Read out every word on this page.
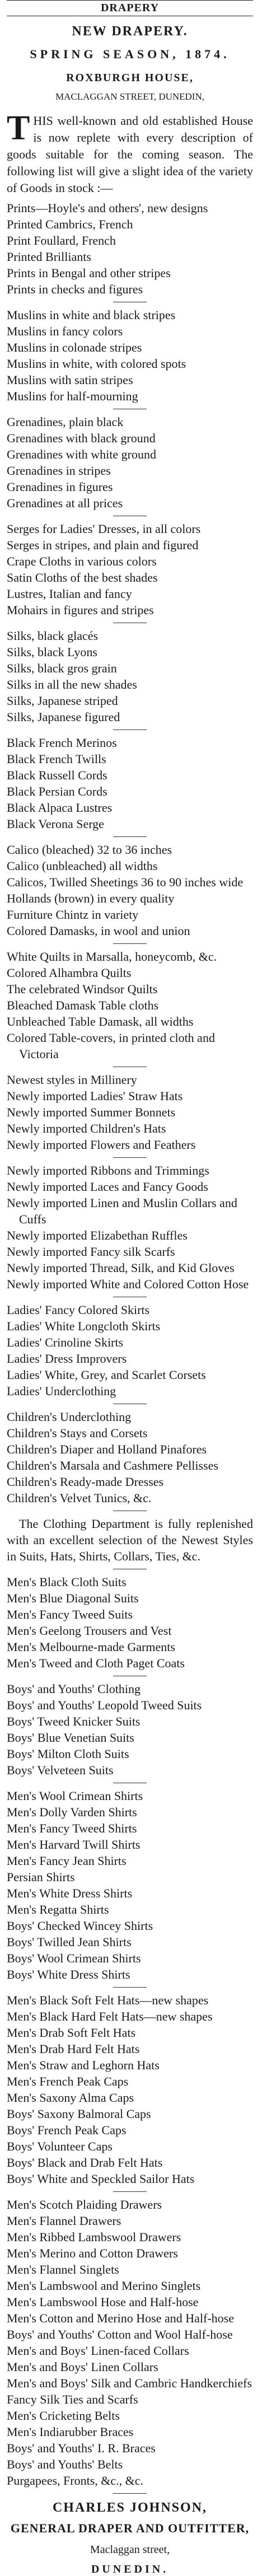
DRAPERY
NEW DRAPERY.
SPRING SEASON, 1874.
ROXBURGH HOUSE,
MACLAGGAN STREET, DUNEDIN,

T HIS well-known and old established House is now replete with every description of goods suitable for the coming season. The following list will give a slight idea of the variety of Goods in stock :—

Prints—Hoyle's and others', new designs
Printed Cambrics, French
Print Foullard, French
Printed Brilliants
Prints in Bengal and other stripes
Prints in checks and figures
Muslins in white and black stripes
Muslins in fancy colors
Muslins in colonade stripes
Muslins in white, with colored spots
Muslins with satin stripes
Muslins for half-mourning
Grenadines, plain black
Grenadines with black ground
Grenadines with white ground
Grenadines in stripes
Grenadines in figures
Grenadines at all prices
Serges for Ladies' Dresses, in all colors
Serges in stripes, and plain and figured
Crape Cloths in various colors
Satin Cloths of the best shades
Lustres, Italian and fancy
Mohairs in figures and stripes
Silks, black glacés
Silks, black Lyons
Silks, black gros grain
Silks in all the new shades
Silks, Japanese striped
Silks, Japanese figured
Black French Merinos
Black French Twills
Black Russell Cords
Black Persian Cords
Black Alpaca Lustres
Black Verona Serge
Calico (bleached) 32 to 36 inches
Calico (unbleached) all widths
Calicos, Twilled Sheetings 36 to 90 inches wide
Hollands (brown) in every quality
Furniture Chintz in variety
Colored Damasks, in wool and union
White Quilts in Marsalla, honeycomb, &c.
Colored Alhambra Quilts
The celebrated Windsor Quilts
Bleached Damask Table cloths
Unbleached Table Damask, all widths
Colored Table-covers, in printed cloth and Victoria
Newest styles in Millinery
Newly imported Ladies' Straw Hats
Newly imported Summer Bonnets
Newly imported Children's Hats
Newly imported Flowers and Feathers
Newly imported Ribbons and Trimmings
Newly imported Laces and Fancy Goods
Newly imported Linen and Muslin Collars and Cuffs
Newly imported Elizabethan Ruffles
Newly imported Fancy silk Scarfs
Newly imported Thread, Silk, and Kid Gloves
Newly imported White and Colored Cotton Hose
Ladies' Fancy Colored Skirts
Ladies' White Longcloth Skirts
Ladies' Crinoline Skirts
Ladies' Dress Improvers
Ladies' White, Grey, and Scarlet Corsets
Ladies' Underclothing
Children's Underclothing
Children's Stays and Corsets
Children's Diaper and Holland Pinafores
Children's Marsala and Cashmere Pellisses
Children's Ready-made Dresses
Children's Velvet Tunics, &c.
The Clothing Department is fully replenished with an excellent selection of the Newest Styles in Suits, Hats, Shirts, Collars, Ties, &c.
Men's Black Cloth Suits
Men's Blue Diagonal Suits
Men's Fancy Tweed Suits
Men's Geelong Trousers and Vest
Men's Melbourne-made Garments
Men's Tweed and Cloth Paget Coats
Boys' and Youths' Clothing
Boys' and Youths' Leopold Tweed Suits
Boys' Tweed Knicker Suits
Boys' Blue Venetian Suits
Boys' Milton Cloth Suits
Boys' Velveteen Suits
Men's Wool Crimean Shirts
Men's Dolly Varden Shirts
Men's Fancy Tweed Shirts
Men's Harvard Twill Shirts
Men's Fancy Jean Shirts
Persian Shirts
Men's White Dress Shirts
Men's Regatta Shirts
Boys' Checked Wincey Shirts
Boys' Twilled Jean Shirts
Boys' Wool Crimean Shirts
Boys' White Dress Shirts
Men's Black Soft Felt Hats—new shapes
Men's Black Hard Felt Hats—new shapes
Men's Drab Soft Felt Hats
Men's Drab Hard Felt Hats
Men's Straw and Leghorn Hats
Men's French Peak Caps
Men's Saxony Alma Caps
Boys' Saxony Balmoral Caps
Boys' French Peak Caps
Boys' Volunteer Caps
Boys' Black and Drab Felt Hats
Boys' White and Speckled Sailor Hats
Men's Scotch Plaiding Drawers
Men's Flannel Drawers
Men's Ribbed Lambswool Drawers
Men's Merino and Cotton Drawers
Men's Flannel Singlets
Men's Lambswool and Merino Singlets
Men's Lambswool Hose and Half-hose
Men's Cotton and Merino Hose and Half-hose
Boys' and Youths' Cotton and Wool Half-hose
Men's and Boys' Linen-faced Collars
Men's and Boys' Linen Collars
Men's and Boys' Silk and Cambric Handkerchiefs
Fancy Silk Ties and Scarfs
Men's Cricketing Belts
Men's Indiarubber Braces
Boys' and Youths' I. R. Braces
Boys' and Youths' Belts
Purgapees, Fronts, &c., &c.
CHARLES JOHNSON,
GENERAL DRAPER AND OUTFITTER,
Maclaggan street,
DUNEDIN.
